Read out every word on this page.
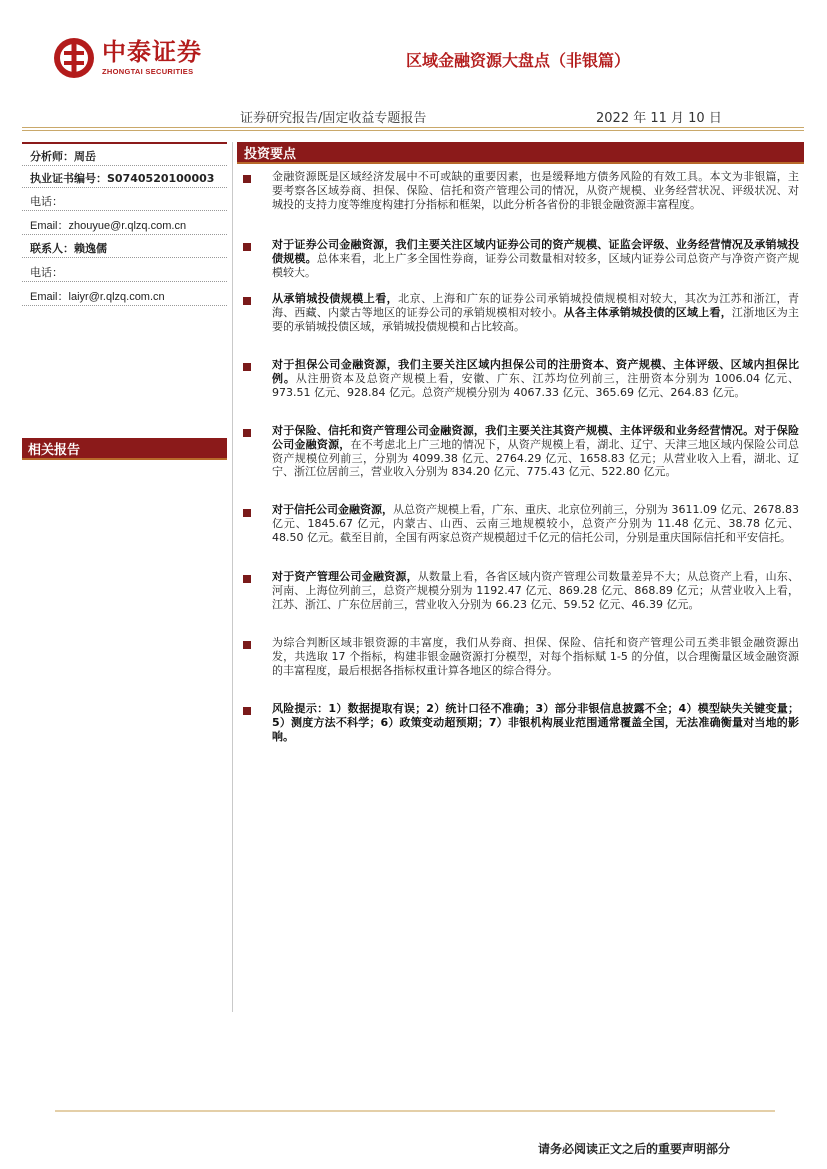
中泰证券
ZHONGTAI SECURITIES
区域金融资源大盘点（非银篇）
证券研究报告/固定收益专题报告	2022 年 11 月 10 日
分析师：周岳
执业证书编号：S0740520100003
电话：
Email：zhouyue@r.qlzq.com.cn
联系人：赖逸儒
电话：
Email：laiyr@r.qlzq.com.cn
相关报告
投资要点
金融资源既是区域经济发展中不可或缺的重要因素，也是缓释地方债务风险的有效工具。本文为非银篇，主要考察各区域券商、担保、保险、信托和资产管理公司的情况，从资产规模、业务经营状况、评级状况、对城投的支持力度等维度构建打分指标和框架，以此分析各省份的非银金融资源丰富程度。
对于证券公司金融资源，我们主要关注区域内证券公司的资产规模、证监会评级、业务经营情况及承销城投债规模。总体来看，北上广多全国性券商，证券公司数量相对较多，区域内证券公司总资产与净资产资产规模较大。
从承销城投债规模上看，北京、上海和广东的证券公司承销城投债规模相对较大，其次为江苏和浙江，青海、西藏、内蒙古等地区的证券公司的承销规模相对较小。从各主体承销城投债的区域上看，江浙地区为主要的承销城投债区域，承销城投债规模和占比较高。
对于担保公司金融资源，我们主要关注区域内担保公司的注册资本、资产规模、主体评级、区域内担保比例。从注册资本及总资产规模上看，安徽、广东、江苏均位列前三，注册资本分别为 1006.04 亿元、973.51 亿元、928.84 亿元。总资产规模分别为 4067.33 亿元、365.69 亿元、264.83 亿元。
对于保险、信托和资产管理公司金融资源，我们主要关注其资产规模、主体评级和业务经营情况。对于保险公司金融资源，在不考虑北上广三地的情况下，从资产规模上看，湖北、辽宁、天津三地区域内保险公司总资产规模位列前三，分别为 4099.38 亿元、2764.29 亿元、1658.83 亿元；从营业收入上看，湖北、辽宁、浙江位居前三，营业收入分别为 834.20 亿元、775.43 亿元、522.80 亿元。
对于信托公司金融资源，从总资产规模上看，广东、重庆、北京位列前三，分别为 3611.09 亿元、2678.83 亿元、1845.67 亿元，内蒙古、山西、云南三地规模较小，总资产分别为 11.48 亿元、38.78 亿元、48.50 亿元。截至目前，全国有两家总资产规模超过千亿元的信托公司，分别是重庆国际信托和平安信托。
对于资产管理公司金融资源，从数量上看，各省区域内资产管理公司数量差异不大；从总资产上看，山东、河南、上海位列前三，总资产规模分别为 1192.47 亿元、869.28 亿元、868.89 亿元；从营业收入上看，江苏、浙江、广东位居前三，营业收入分别为 66.23 亿元、59.52 亿元、46.39 亿元。
为综合判断区域非银资源的丰富度，我们从券商、担保、保险、信托和资产管理公司五类非银金融资源出发，共选取 17 个指标，构建非银金融资源打分模型，对每个指标赋 1-5 的分值，以合理衡量区域金融资源的丰富程度，最后根据各指标权重计算各地区的综合得分。
风险提示：1）数据提取有误；2）统计口径不准确；3）部分非银信息披露不全；4）模型缺失关键变量；5）测度方法不科学；6）政策变动超预期；7）非银机构展业范围通常覆盖全国，无法准确衡量对当地的影响。
请务必阅读正文之后的重要声明部分
